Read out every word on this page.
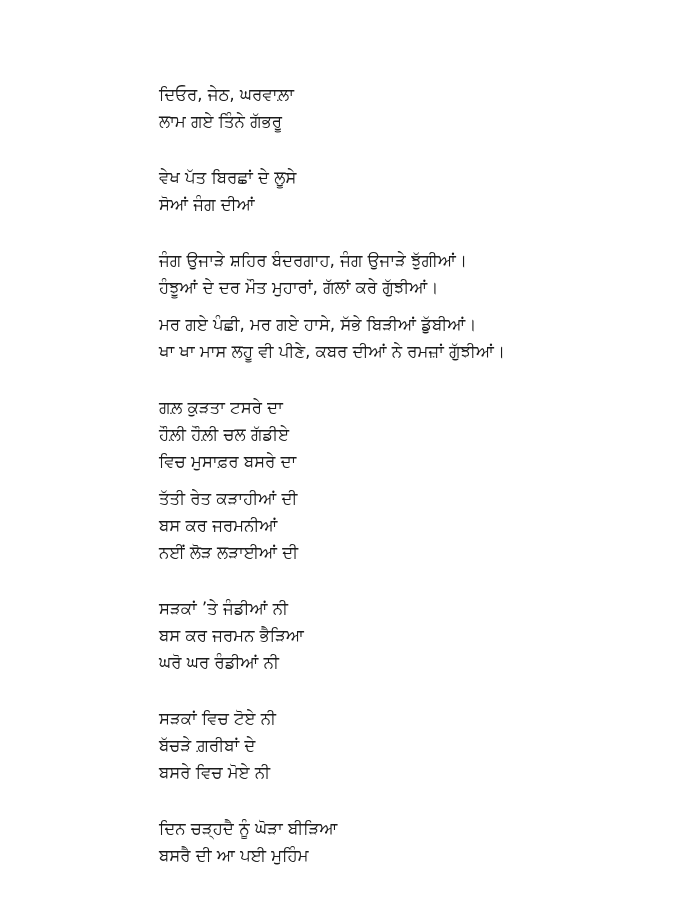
ਦਿਓਰ, ਜੇਠ, ਘਰਵਾਲ਼ਾ
ਲਾਮ ਗਏ ਤਿੰਨੇ ਗੱਭਰੂ
ਵੇਖ ਪੱਤ ਬਿਰਛਾਂ ਦੇ ਲੂਸੇ
ਸੋਆਂ ਜੰਗ ਦੀਆਂ
ਜੰਗ ਉਜਾੜੇ ਸ਼ਹਿਰ ਬੰਦਰਗਾਹ, ਜੰਗ ਉਜਾੜੇ ਝੁੱਗੀਆਂ।
ਹੰਝੂਆਂ ਦੇ ਦਰ ਮੌਤ ਮੁਹਾਰਾਂ, ਗੱਲਾਂ ਕਰੇ ਗੁੱਝੀਆਂ।
ਮਰ ਗਏ ਪੰਛੀ, ਮਰ ਗਏ ਹਾਸੇ, ਸੱਭੇ ਬਿੜੀਆਂ ਡੁੱਬੀਆਂ।
ਖਾ ਖਾ ਮਾਸ ਲਹੂ ਵੀ ਪੀਣੇ, ਕਬਰ ਦੀਆਂ ਨੇ ਰਮਜ਼ਾਂ ਗੁੱਝੀਆਂ।
ਗਲ਼ ਕੁੜਤਾ ਟਸਰੇ ਦਾ
ਹੌਲ਼ੀ ਹੌਲ਼ੀ ਚਲ ਗੱਡੀਏ
ਵਿਚ ਮੁਸਾਫ਼ਰ ਬਸਰੇ ਦਾ
ਤੱਤੀ ਰੇਤ ਕੜਾਹੀਆਂ ਦੀ
ਬਸ ਕਰ ਜਰਮਨੀਆਂ
ਨਈਂ ਲੋੜ ਲੜਾਈਆਂ ਦੀ
ਸੜਕਾਂ ’ਤੇ ਜੰਡੀਆਂ ਨੀ
ਬਸ ਕਰ ਜਰਮਨ ਭੈੜਿਆ
ਘਰੋ ਘਰ ਰੰਡੀਆਂ ਨੀ
ਸੜਕਾਂ ਵਿਚ ਟੋਏ ਨੀ
ਬੱਚੜੇ ਗ਼ਰੀਬਾਂ ਦੇ
ਬਸਰੇ ਵਿਚ ਮੋਏ ਨੀ
ਦਿਨ ਚੜ੍ਹਦੈ ਨੂੰ ਘੋੜਾ ਬੀੜਿਆ
ਬਸਰੈ ਦੀ ਆ ਪਈ ਮੁਹਿੰਮ
